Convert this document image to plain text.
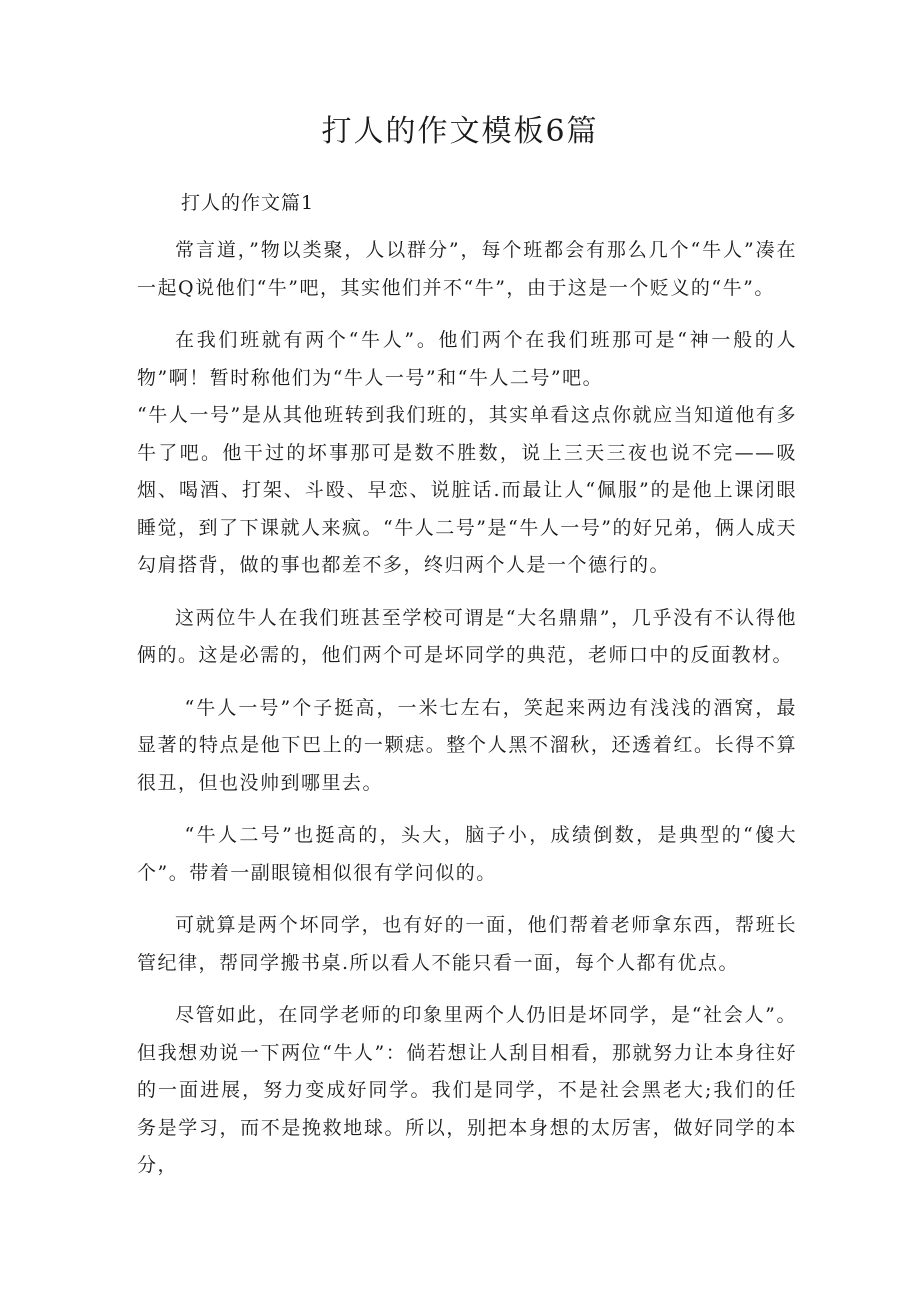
打人的作文模板6篇
打人的作文篇1

常言道，”物以类聚，人以群分”，每个班都会有那么几个“牛人”凑在一起Q说他们“牛”吧，其实他们并不“牛”，由于这是一个贬义的“牛”。

在我们班就有两个“牛人”。他们两个在我们班那可是“神一般的人物”啊！暂时称他们为“牛人一号”和“牛人二号”吧。

“牛人一号”是从其他班转到我们班的，其实单看这点你就应当知道他有多牛了吧。他干过的坏事那可是数不胜数，说上三天三夜也说不完——吸烟、喝酒、打架、斗殴、早恋、说脏话.而最让人“佩服”的是他上课闭眼睡觉，到了下课就人来疯。“牛人二号”是“牛人一号”的好兄弟，俩人成天勾肩搭背，做的事也都差不多，终归两个人是一个德行的。

这两位牛人在我们班甚至学校可谓是“大名鼎鼎”，几乎没有不认得他俩的。这是必需的，他们两个可是坏同学的典范，老师口中的反面教材。

“牛人一号”个子挺高，一米七左右，笑起来两边有浅浅的酒窝，最显著的特点是他下巴上的一颗痣。整个人黑不溜秋，还透着红。长得不算很丑，但也没帅到哪里去。

“牛人二号”也挺高的，头大，脑子小，成绩倒数，是典型的“傻大个”。带着一副眼镜相似很有学问似的。

可就算是两个坏同学，也有好的一面，他们帮着老师拿东西，帮班长管纪律，帮同学搬书桌.所以看人不能只看一面，每个人都有优点。

尽管如此，在同学老师的印象里两个人仍旧是坏同学，是“社会人”。但我想劝说一下两位“牛人”：倘若想让人刮目相看，那就努力让本身往好的一面进展，努力变成好同学。我们是同学，不是社会黑老大;我们的任务是学习，而不是挽救地球。所以，别把本身想的太厉害，做好同学的本分，
